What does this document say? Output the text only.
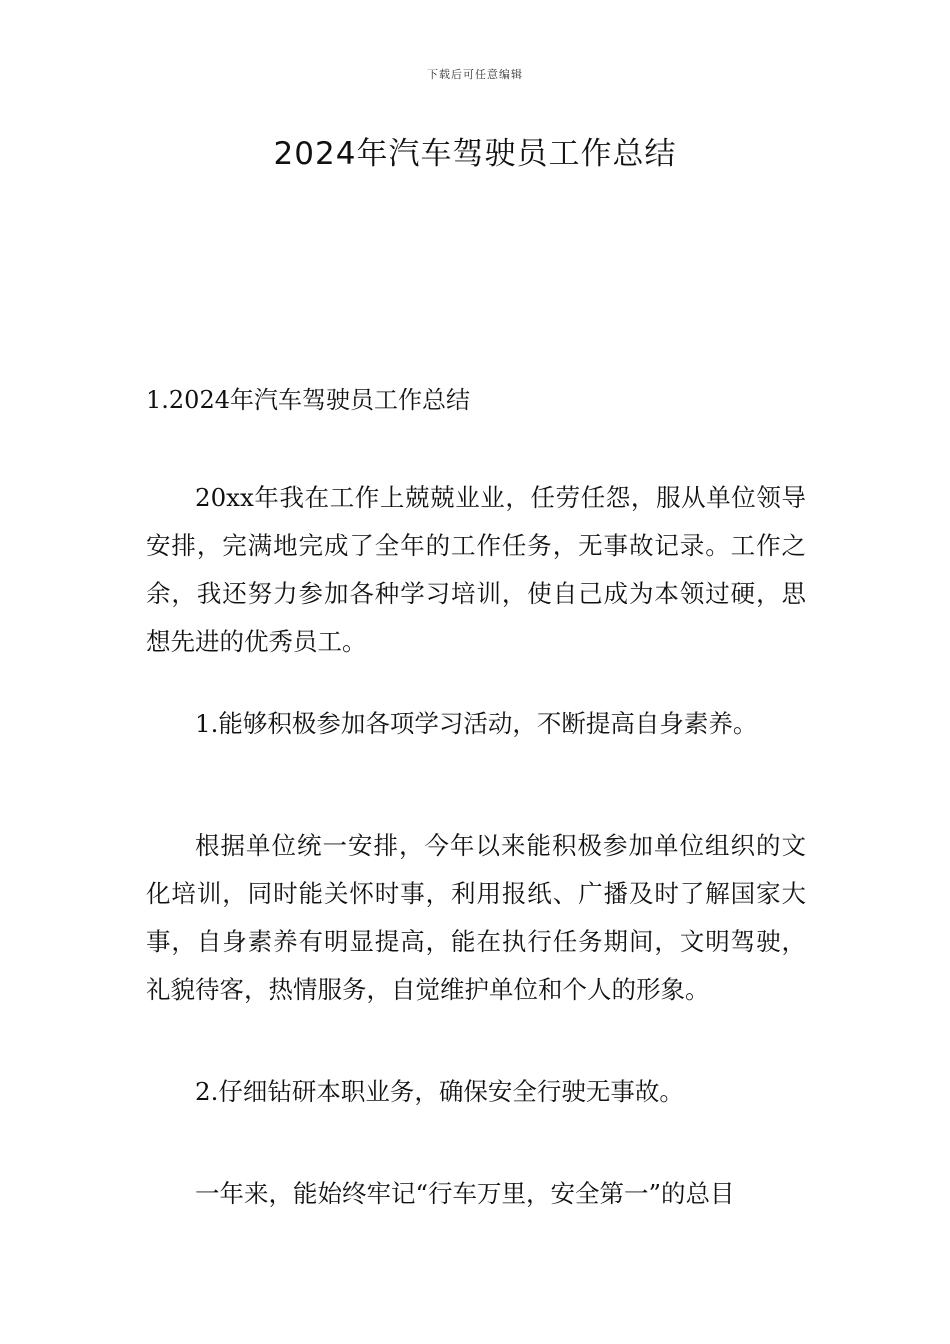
下载后可任意编辑
2024年汽车驾驶员工作总结
1.2024年汽车驾驶员工作总结

20xx年我在工作上兢兢业业，任劳任怨，服从单位领导安排，完满地完成了全年的工作任务，无事故记录。工作之余，我还努力参加各种学习培训，使自己成为本领过硬，思想先进的优秀员工。

1.能够积极参加各项学习活动，不断提高自身素养。

根据单位统一安排，今年以来能积极参加单位组织的文化培训，同时能关怀时事，利用报纸、广播及时了解国家大事，自身素养有明显提高，能在执行任务期间，文明驾驶，礼貌待客，热情服务，自觉维护单位和个人的形象。

2.仔细钻研本职业务，确保安全行驶无事故。

一年来，能始终牢记“行车万里，安全第一”的总目
